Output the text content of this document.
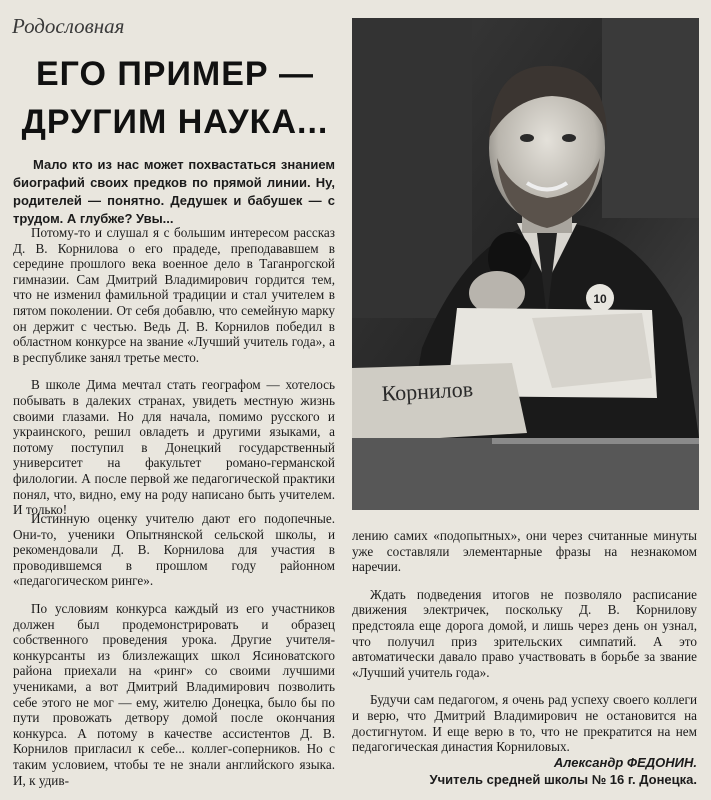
Родословная
ЕГО ПРИМЕР —
ДРУГИМ НАУКА...

Мало кто из нас может похвастаться знанием биографий своих предков по прямой линии. Ну, родителей — понятно. Дедушек и бабушек — с трудом. А глубже? Увы...

Потому-то и слушал я с большим интересом рассказ Д. В. Корнилова о его прадеде, преподававшем в середине прошлого века военное дело в Таганрогской гимназии. Сам Дмитрий Владимирович гордится тем, что не изменил фамильной традиции и стал учителем в пятом поколении. От себя добавлю, что семейную марку он держит с честью. Ведь Д. В. Корнилов победил в областном конкурсе на звание «Лучший учитель года», а в республике занял третье место.

В школе Дима мечтал стать географом — хотелось побывать в далеких странах, увидеть местную жизнь своими глазами. Но для начала, помимо русского и украинского, решил овладеть и другими языками, а потому поступил в Донецкий государственный университет на факультет романо-германской филологии. А после первой же педагогической практики понял, что, видно, ему на роду написано быть учителем. И только!

10
Корнилов

Истинную оценку учителю дают его подопечные. Они-то, ученики Опытнянской сельской школы, и рекомендовали Д. В. Корнилова для участия в проводившемся в прошлом году районном «педагогическом ринге».

По условиям конкурса каждый из его участников должен был продемонстрировать и образец собственного проведения урока. Другие учителя-конкурсанты из близлежащих школ Ясиноватского района приехали на «ринг» со своими лучшими учениками, а вот Дмитрий Владимирович позволить себе этого не мог — ему, жителю Донецка, было бы по пути провожать детвору домой после окончания конкурса. А потому в качестве ассистентов Д. В. Корнилов пригласил к себе... коллег-соперников. Но с таким условием, чтобы те не знали английского языка. И, к удив-

лению самих «подопытных», они через считанные минуты уже составляли элементарные фразы на незнакомом наречии.

Ждать подведения итогов не позволяло расписание движения электричек, поскольку Д. В. Корнилову предстояла еще дорога домой, и лишь через день он узнал, что получил приз зрительских симпатий. А это автоматически давало право участвовать в борьбе за звание «Лучший учитель года».

Будучи сам педагогом, я очень рад успеху своего коллеги и верю, что Дмитрий Владимирович не остановится на достигнутом. И еще верю в то, что не прекратится на нем педагогическая династия Корниловых.

Александр ФЕДОНИН.
Учитель средней школы № 16 г. Донецка.
